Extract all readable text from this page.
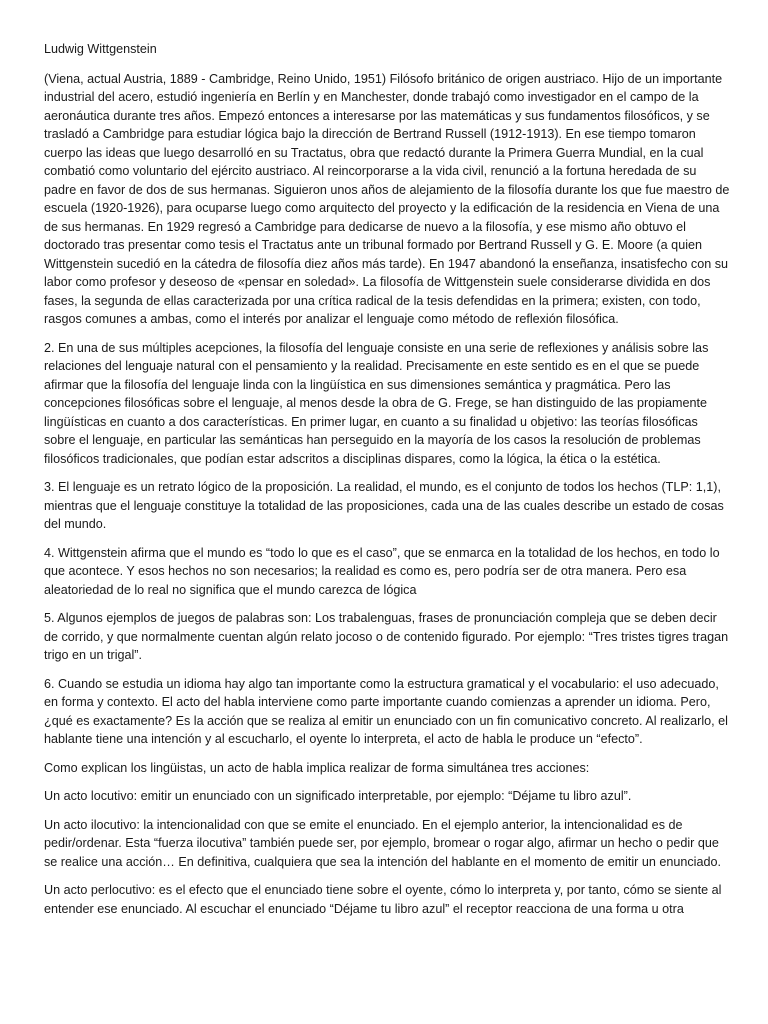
Ludwig Wittgenstein

(Viena, actual Austria, 1889 - Cambridge, Reino Unido, 1951) Filósofo británico de origen austriaco. Hijo de un importante industrial del acero, estudió ingeniería en Berlín y en Manchester, donde trabajó como investigador en el campo de la aeronáutica durante tres años. Empezó entonces a interesarse por las matemáticas y sus fundamentos filosóficos, y se trasladó a Cambridge para estudiar lógica bajo la dirección de Bertrand Russell (1912-1913). En ese tiempo tomaron cuerpo las ideas que luego desarrolló en su Tractatus, obra que redactó durante la Primera Guerra Mundial, en la cual combatió como voluntario del ejército austriaco. Al reincorporarse a la vida civil, renunció a la fortuna heredada de su padre en favor de dos de sus hermanas. Siguieron unos años de alejamiento de la filosofía durante los que fue maestro de escuela (1920-1926), para ocuparse luego como arquitecto del proyecto y la edificación de la residencia en Viena de una de sus hermanas. En 1929 regresó a Cambridge para dedicarse de nuevo a la filosofía, y ese mismo año obtuvo el doctorado tras presentar como tesis el Tractatus ante un tribunal formado por Bertrand Russell y G. E. Moore (a quien Wittgenstein sucedió en la cátedra de filosofía diez años más tarde). En 1947 abandonó la enseñanza, insatisfecho con su labor como profesor y deseoso de «pensar en soledad». La filosofía de Wittgenstein suele considerarse dividida en dos fases, la segunda de ellas caracterizada por una crítica radical de la tesis defendidas en la primera; existen, con todo, rasgos comunes a ambas, como el interés por analizar el lenguaje como método de reflexión filosófica.

2. En una de sus múltiples acepciones, la filosofía del lenguaje consiste en una serie de reflexiones y análisis sobre las relaciones del lenguaje natural con el pensamiento y la realidad. Precisamente en este sentido es en el que se puede afirmar que la filosofía del lenguaje linda con la lingüística en sus dimensiones semántica y pragmática. Pero las concepciones filosóficas sobre el lenguaje, al menos desde la obra de G. Frege, se han distinguido de las propiamente lingüísticas en cuanto a dos características. En primer lugar, en cuanto a su finalidad u objetivo: las teorías filosóficas sobre el lenguaje, en particular las semánticas han perseguido en la mayoría de los casos la resolución de problemas filosóficos tradicionales, que podían estar adscritos a disciplinas dispares, como la lógica, la ética o la estética.

3. El lenguaje es un retrato lógico de la proposición. La realidad, el mundo, es el conjunto de todos los hechos (TLP: 1,1), mientras que el lenguaje constituye la totalidad de las proposiciones, cada una de las cuales describe un estado de cosas del mundo.

4. Wittgenstein afirma que el mundo es “todo lo que es el caso”, que se enmarca en la totalidad de los hechos, en todo lo que acontece. Y esos hechos no son necesarios; la realidad es como es, pero podría ser de otra manera. Pero esa aleatoriedad de lo real no significa que el mundo carezca de lógica

5. Algunos ejemplos de juegos de palabras son: Los trabalenguas, frases de pronunciación compleja que se deben decir de corrido, y que normalmente cuentan algún relato jocoso o de contenido figurado. Por ejemplo: “Tres tristes tigres tragan trigo en un trigal”.

6. Cuando se estudia un idioma hay algo tan importante como la estructura gramatical y el vocabulario: el uso adecuado, en forma y contexto. El acto del habla interviene como parte importante cuando comienzas a aprender un idioma. Pero, ¿qué es exactamente? Es la acción que se realiza al emitir un enunciado con un fin comunicativo concreto. Al realizarlo, el hablante tiene una intención y al escucharlo, el oyente lo interpreta, el acto de habla le produce un “efecto”.

Como explican los lingüistas, un acto de habla implica realizar de forma simultánea tres acciones:

Un acto locutivo: emitir un enunciado con un significado interpretable, por ejemplo: “Déjame tu libro azul”.

Un acto ilocutivo: la intencionalidad con que se emite el enunciado. En el ejemplo anterior, la intencionalidad es de pedir/ordenar. Esta “fuerza ilocutiva” también puede ser, por ejemplo, bromear o rogar algo, afirmar un hecho o pedir que se realice una acción… En definitiva, cualquiera que sea la intención del hablante en el momento de emitir un enunciado.

Un acto perlocutivo: es el efecto que el enunciado tiene sobre el oyente, cómo lo interpreta y, por tanto, cómo se siente al entender ese enunciado. Al escuchar el enunciado “Déjame tu libro azul” el receptor reacciona de una forma u otra
